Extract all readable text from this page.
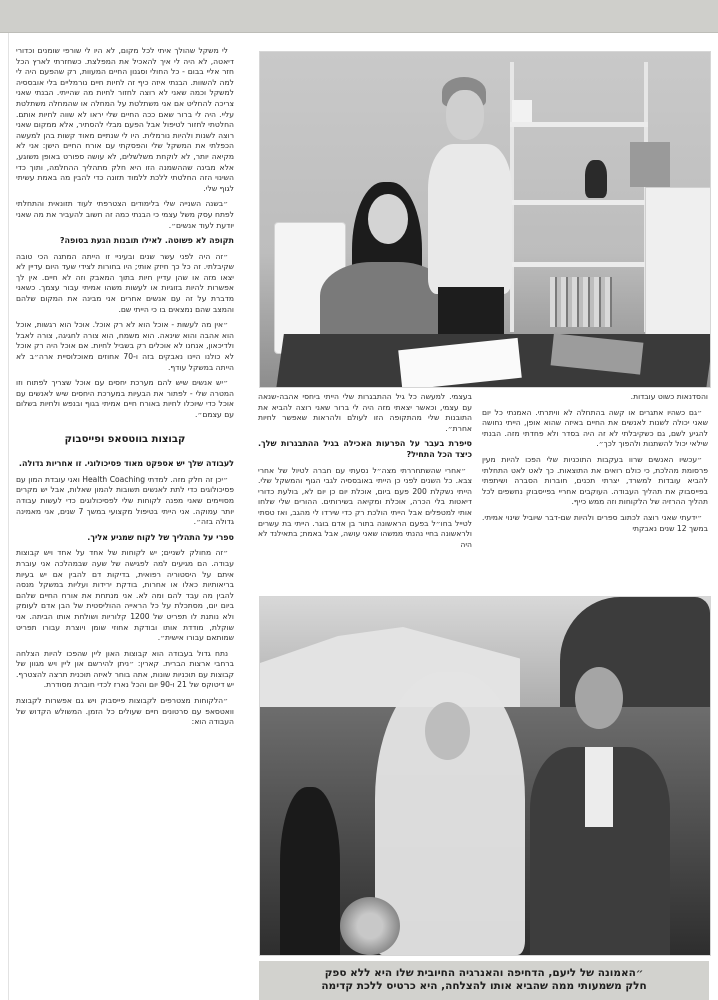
לי משקל שהולך איתי לכל מקום, לא היו לי שורפי שומנים וכדורי דיאטה, לא היה לי איך להאכיל את המפלצת. כשחזרתי לארץ הכל חזר אליי בבום - כל החולי וסגנון החיים המעוות, רק שהפעם היה לי למה להשוות. הבנתי איזה כיף זה לחיות חיים נורמליים בלי אובססיה למשקל וכמה שאני לא רוצה לחזור לחיות מה שהייתי. הבנתי שאני צריכה להחליט אם אני משתלטת על המחלה או שהמחלה משתלטת עליי. היה לי ברור שאם ככה החיים שלי יראו לא שווה לחיות אותם. החלטתי לחזור לטיפול אבל הפעם מבלי להסתיר, אלא ממקום שאני רוצה לשנות ולהיות נורמלית. היו לי שנתיים מאוד קשות בהן למעשה הכפלתי את המשקל שלי והפסקתי עם אורח החיים הישן: אני לא מקיאה יותר, לא לוקחת משלשלים, לא עושה ספורט באופן משוגע, אלא מבינה שההשמנה הזו היא חלק מתהליך ההחלמה, ותוך כדי השינוי הזה החלטתי ללכת ללמוד תזונה כדי להבין מה באמת עשיתי לגוף שלי.

״בשנה השנייה שלי בלימודים הצטרפתי לעוד תזונאית והתחלתי לפתח עסק משל עצמי כי הבנתי כמה זה חשוב להעביר את מה שאני יודעת לעוד אנשים״.

תקופה לא פשוטה. לאילו תובנות הגעת בסופה?

״זה היה לפני עשר שנים ובעיניי זו הייתה המתנה הכי טובה שקיבלתי. זה כל כך חיזק אותי; היו בחורות לצידי שעד היום עדיין לא יצאו מזה או שהן עדיין חיות בתוך המאבק וזה לא חיים. אין לך אפשרות להיות בזוגיות או לעשות משהו אמיתי עבור עצמך. כשאני מדברת על זה עם אנשים אחרים אני מבינה את המקום שלהם והמצב שהם נמצאים בו כי הייתי שם.

״אין מה לעשות - אוכל הוא לא רק אוכל. אוכל הוא רגשות, אוכל הוא אהבה והוא שינאה. הוא משמח, הוא צורה לחגיגה, צורה לאבל ולדיכאון, אנחנו לא אוכלים רק בשביל לחיות. אם אוכל היה רק אוכל לא כולנו היינו נאבקים בזה ו-70 אחוזים מאוכלוסיית ארה״ב לא הייתה במשקל עודף.

״יש אנשים שיש להם מערכת יחסים עם אוכל שצריך לפתוח וזו המטרה שלי - לפתור את הבעיות במערכת היחסים שיש לאנשים עם אוכל כדי שיוכלו לחיות באורח חיים אמיתי בגוף ובנפש ולחיות בשלום עם עצמם״.

קבוצות בווטסאפ ופייסבוק
לעבודה שלך יש אספקט מאוד פסיכולוגי. זו אחריות גדולה.

״יכן זה חלק מזה. למדתי Health Coaching ואני עובדת המון עם פסיכולוגים כדי לתת לאנשים תשובות להמון שאלות, אבל יש מקרים מסויימים שאני מפנה לקוחות שלי לפסיכולוגים כדי לעשות עבודה יותר עמוקה. אני הייתי בטיפול מקצועי במשך 7 שנים, אני מאמינה גדולה בזה״.

ספרי על התהליך של לקוח שמגיע אליך.

״זה מחולק לשניים; יש לקוחות של אחד על אחד ויש קבוצות עבודה. הם מגיעים למה לפגישה של שעה שבמהלכה אני עוברת איתם על היסטוריה רפואית, בדיקות דם להבין אם יש בעיות בריאותיות כאלו או אחרות, בודקת ירידות ועליות במשקל מנסה להבין מה עבד להם ומה לא. אני מנתחת את אורח החיים שלהם ביום יום, מסתכלת על כל הראייה ההוליסטית של הבן אדם לעומק ולא נותנת לו תפריט של 1200 קלוריות ושולחת אותו הביתה. אני שוקלת, מודדת אותו ובודקת אחוזי שומן ויוצרת עבורו תפריט שמותאם עבורו אישית״.

נתח גדול בעבודה הוא קבוצות האון ליין שהפכו להיות הצלחה ברחבי ארצות הברית. קארין: ״ניתן להירשם און ליין ויש מגוון של קבוצות עם תוכניות שונות, אתה בוחר לאיזה תוכנית תרצה להצטרף. יש דיטוקס של 21 ו-90 יום והכל נארז לכדי חוברת מסודרת.

״הלקוחות מצטרפים לקבוצות פייסבוק ויש גם אפשרות לקבוצת וואטסאפ עם סרטונים חיים שעולים כל הזמן. המשולש הקדוש של העבודה הוא:

בעצמי. למעשה כל גיל ההתבגרות שלי הייתי ביחסי אהבה-שנאה עם עצמי, וכאשר יצאתי מזה היה לי ברור שאני רוצה להביא את התובנות שלי מהתקופה הזו לעולם ולהראות שאפשר לחיות אחרת״.

סיפרת בעבר על הפרעות האכילה בגיל ההתבגרות שלך. כיצד הכל התחיל?

״אחרי שהשתחררתי מצה״ל נסעתי עם חברה לטיול של אחרי צבא. כל השנים לפני כן הייתי באובססיה לגבי הגוף והמשקל שלי. הייתי נשקלת 200 פעם ביום, אוכלת יום כן יום לא, בולעת כדורי דיאטות בלי הכרה, אוכלת ומקיאה בשירותים. ההורים שלי שלחו אותי למטפלים אבל הייתי הולכת רק כדי שירדו לי מהגב, ואז טסתי לטייל בחו״ל בפעם הראשונה בתור בן אדם בוגר. הייתי בת עשרים ולראשונה בחיי נהנתי ממשהו שאני עושה, אבל באמת; בתאילנד לא היה

והסדנאות כשוט עובדות.

״גם כשהיו אתגרים או קשה בהתחלה לא וויתרתי. האמנתי כל יום שאני יכולה לשנות לאנשים את החיים באיזה שהוא אופן, הייתי נחושה להגיע לשם, גם כשקיבלתי לא זה היה בסדר ולא פחדתי מזה. הבנתי שילאי יכול להשתנות ולהפוך לכך״.

״עכשיו האנשים שרוו בעקבות התוכניות שלי הפכו להיות מעין פרסומת מהלכת, כי כולם רואים את התוצאות. כך לאט לאט התחלתי להביא עובדות למשרד, יצרתי תכנים, חוברות הסברה ושיתפתי בפייסבוק את תהליך העבודה. העוקבים אחריי בפייסבוק נחשפים לכל תהליך ההרזיה של הלקוחות וזה ממש כייף.

״ידעתי שאני רוצה לכתוב ספרים ולהיות שם-דבר שיוביל שינוי אמיתי. במשך 12 שנים נאבקתי

״האמונה של ליעם, הדחיפה והאנרגיה החיובית שלו היא ללא ספק
חלק משמעותי ממה שהביא אותו להצלחה, היא כרטיס ללכת קדימה
